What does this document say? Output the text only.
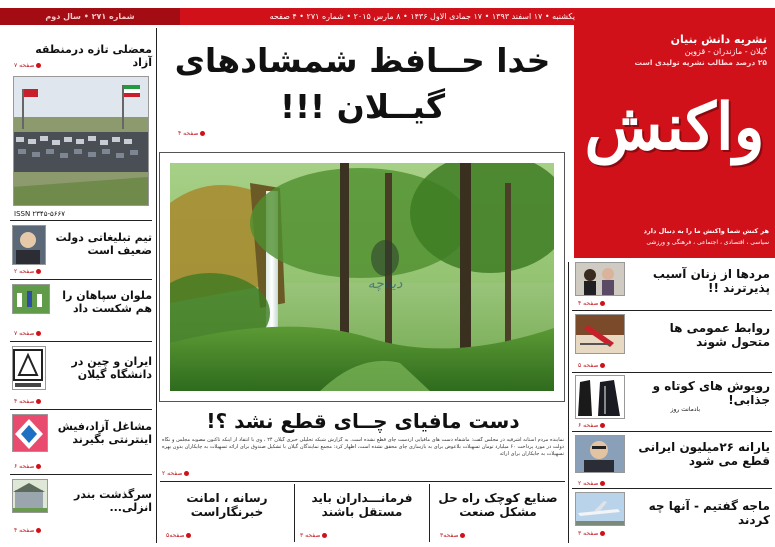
یکشنبه • ۱۷ اسفند ۱۳۹۳ • ۱۷ جمادی الاول ۱۴۳۶ • ۸ مارس ۲۰۱۵ • شماره ۲۷۱ • ۴ صفحه
شماره ۲۷۱ • سال دوم
نشریه دانش بنیان
گیلان - مازندران - قزوین
۲۵ درصد مطالب نشریه تولیدی است
واکنش
هر کنش شما واکنش ما را به دنبال دارد
سیاسی ، اقتصادی ، اجتماعی ، فرهنگی و ورزشی
خدا حــافظ شمشادهای
گیــلان !!!
صفحه ۴
دیباچه
دست مافیای چــای قطع نشد ؟!
نماینده مردم آستانه اشرفیه در مجلس گفت: ماشفاه دست های مافیایی ازدست چای قطع نشده است. به گزارش شبکه تحلیلی خبری گیلان ۲۴ ، وی با انتقاد از اینکه تاکنون مصوبه مجلس و نگاه دولت در مورد پرداخت ۶۰ میلیارد تومان تسهیلات بلاعوض برای به بازسازی چای محقق نشده است، اظهار کرد: مجمع نمایندگان گیلان با تشکیل صندوق برای ارائه تسهیلات به چایکاران بدون بهره تسهیلات به جایکاران برای ارائه
صفحه ۲
صنایع کوچک راه حل مشکل صنعت
صفحه۳
فرمانـــداران باید مستقل باشند
صفحه ۳
رسانه ، امانت خبرنگاراست
صفحه۵
معضلی تازه درمنطقه آزاد
صفحه ۷
ISSN ۲۳۴۵-۵۶۶۷
تیم تبلیغاتی دولت ضعیف است
صفحه ۲
ملوان سپاهان را هم شکست داد
صفحه ۷
ایران و چین در دانشگاه گیلان
صفحه ۴
مشاغل آزاد،فیش اینترنتی بگیرند
صفحه ۶
سرگذشت بندر انزلی...
صفحه ۴
مردها از زنان آسیب پذیرترند !!
صفحه ۴
روابط عمومی ها متحول شوند
صفحه ۵
رویوش های کوتاه و جذابی!
بادمانت روز
صفحه ۶
یارانه ۲۶میلیون ایرانی قطع می شود
صفحه ۲
ماجه گفتیم - آنها چه کردند
صفحه ۳
